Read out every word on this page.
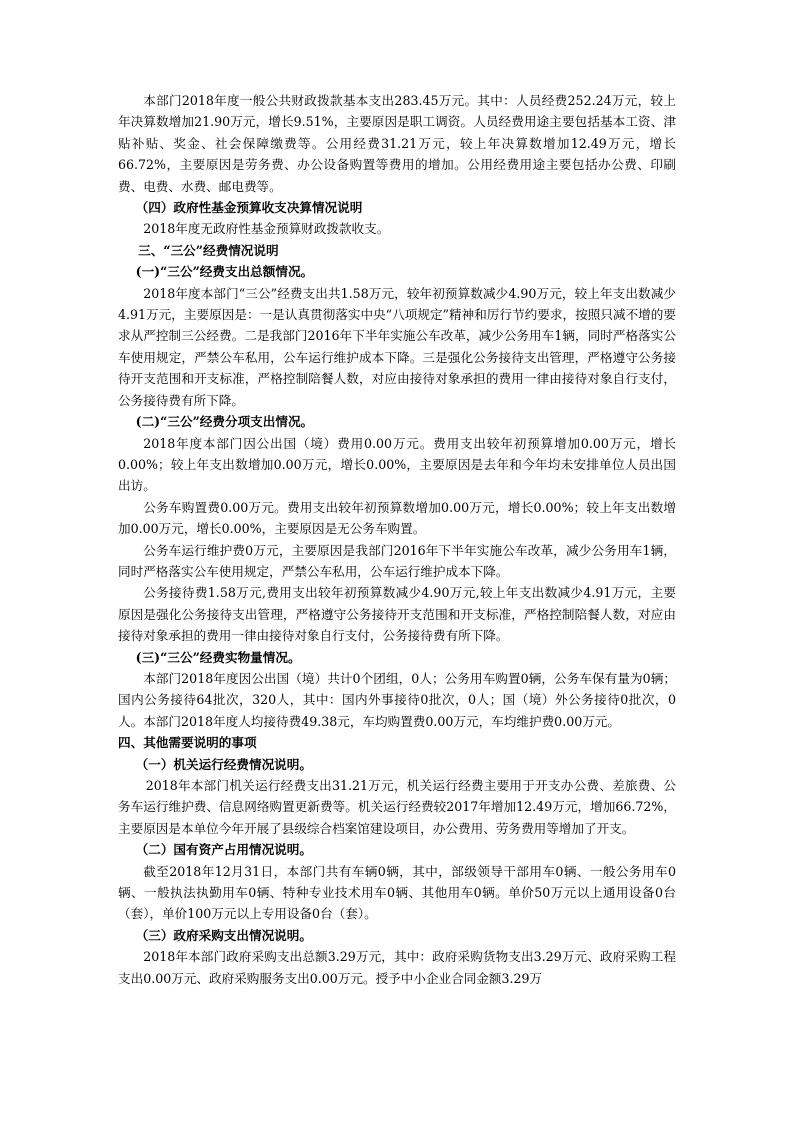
本部门2018年度一般公共财政拨款基本支出283.45万元。其中：人员经费252.24万元，较上年决算数增加21.90万元，增长9.51%，主要原因是职工调资。人员经费用途主要包括基本工资、津贴补贴、奖金、社会保障缴费等。公用经费31.21万元，较上年决算数增加12.49万元，增长66.72%，主要原因是劳务费、办公设备购置等费用的增加。公用经费用途主要包括办公费、印刷费、电费、水费、邮电费等。

（四）政府性基金预算收支决算情况说明

2018年度无政府性基金预算财政拨款收支。

三、“三公”经费情况说明

(一)“三公”经费支出总额情况。

2018年度本部门“三公”经费支出共1.58万元，较年初预算数减少4.90万元，较上年支出数减少4.91万元，主要原因是：一是认真贯彻落实中央“八项规定”精神和厉行节约要求，按照只减不增的要求从严控制三公经费。二是我部门2016年下半年实施公车改革，减少公务用车1辆，同时严格落实公车使用规定，严禁公车私用，公车运行维护成本下降。三是强化公务接待支出管理，严格遵守公务接待开支范围和开支标准，严格控制陪餐人数，对应由接待对象承担的费用一律由接待对象自行支付，公务接待费有所下降。

(二)“三公”经费分项支出情况。

2018年度本部门因公出国（境）费用0.00万元。费用支出较年初预算增加0.00万元，增长0.00%；较上年支出数增加0.00万元，增长0.00%，主要原因是去年和今年均未安排单位人员出国出访。

公务车购置费0.00万元。费用支出较年初预算数增加0.00万元，增长0.00%；较上年支出数增加0.00万元，增长0.00%，主要原因是无公务车购置。

公务车运行维护费0万元，主要原因是我部门2016年下半年实施公车改革，减少公务用车1辆，同时严格落实公车使用规定，严禁公车私用，公车运行维护成本下降。

公务接待费1.58万元,费用支出较年初预算数减少4.90万元,较上年支出数减少4.91万元，主要原因是强化公务接待支出管理，严格遵守公务接待开支范围和开支标准，严格控制陪餐人数，对应由接待对象承担的费用一律由接待对象自行支付，公务接待费有所下降。

(三)“三公”经费实物量情况。

本部门2018年度因公出国（境）共计0个团组，0人；公务用车购置0辆，公务车保有量为0辆；国内公务接待64批次，320人，其中：国内外事接待0批次，0人；国（境）外公务接待0批次，0人。本部门2018年度人均接待费49.38元，车均购置费0.00万元，车均维护费0.00万元。

四、其他需要说明的事项

（一）机关运行经费情况说明。

2018年本部门机关运行经费支出31.21万元，机关运行经费主要用于开支办公费、差旅费、公务车运行维护费、信息网络购置更新费等。机关运行经费较2017年增加12.49万元，增加66.72%，主要原因是本单位今年开展了县级综合档案馆建设项目，办公费用、劳务费用等增加了开支。

（二）国有资产占用情况说明。

截至2018年12月31日，本部门共有车辆0辆，其中，部级领导干部用车0辆、一般公务用车0辆、一般执法执勤用车0辆、特种专业技术用车0辆、其他用车0辆。单价50万元以上通用设备0台（套），单价100万元以上专用设备0台（套）。

（三）政府采购支出情况说明。

2018年本部门政府采购支出总额3.29万元，其中：政府采购货物支出3.29万元、政府采购工程支出0.00万元、政府采购服务支出0.00万元。授予中小企业合同金额3.29万
